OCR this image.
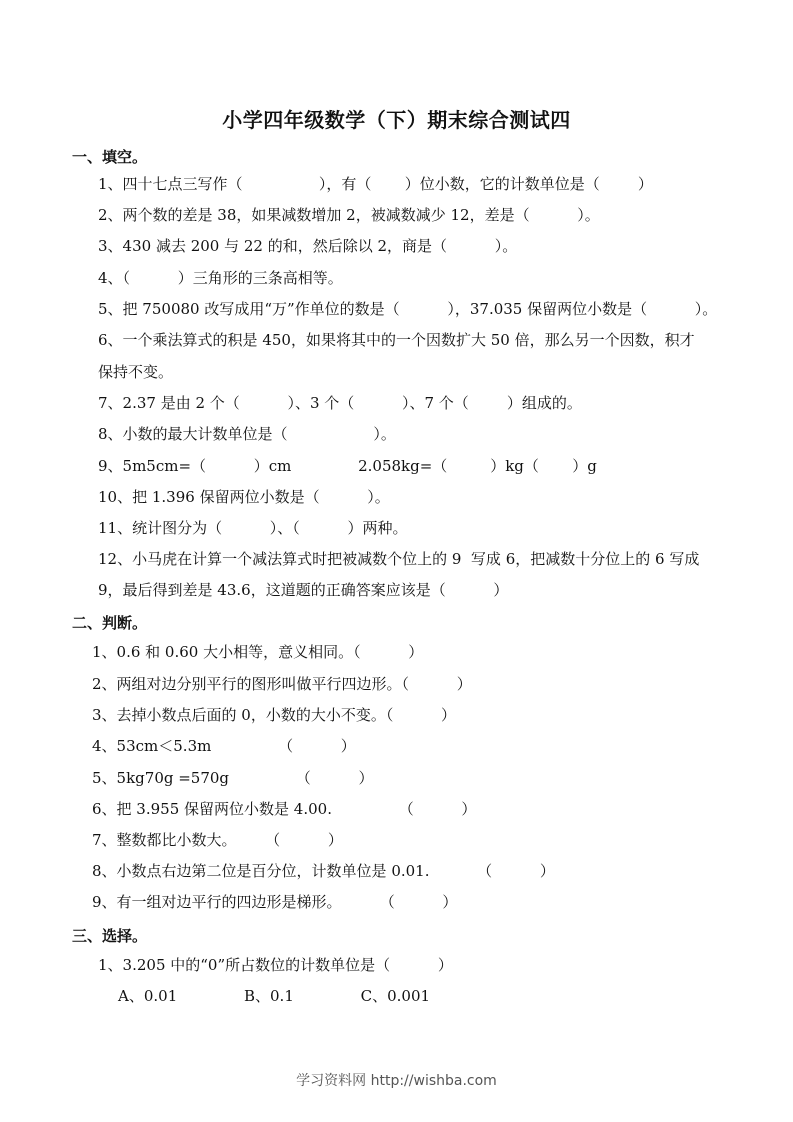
小学四年级数学（下）期末综合测试四
一、填空。
1、四十七点三写作（                ），有（       ）位小数，它的计数单位是（        ）
2、两个数的差是 38，如果减数增加 2，被减数减少 12，差是（          ）。
3、430 减去 200 与 22 的和，然后除以 2，商是（          ）。
4、（          ）三角形的三条高相等。
5、把 750080 改写成用“万”作单位的数是（          ），37.035 保留两位小数是（          ）。
6、一个乘法算式的积是 450，如果将其中的一个因数扩大 50 倍，那么另一个因数，积才
保持不变。
7、2.37 是由 2 个（          ）、3 个（          ）、7 个（        ）组成的。
8、小数的最大计数单位是（                  ）。
9、5m5cm=（          ）cm              2.058kg=（         ）kg（       ）g
10、把 1.396 保留两位小数是（          ）。
11、统计图分为（          ）、（          ）两种。
12、小马虎在计算一个减法算式时把被减数个位上的 9  写成 6，把减数十分位上的 6 写成
9，最后得到差是 43.6，这道题的正确答案应该是（          ）
二、判断。
1、0.6 和 0.60 大小相等，意义相同。（          ）
2、两组对边分别平行的图形叫做平行四边形。（          ）
3、去掉小数点后面的 0，小数的大小不变。（          ）
4、53cm＜5.3m              （          ）
5、5kg70g =570g              （          ）
6、把 3.955 保留两位小数是 4.00.              （          ）
7、整数都比小数大。      （          ）
8、小数点右边第二位是百分位，计数单位是 0.01.          （          ）
9、有一组对边平行的四边形是梯形。        （          ）
三、选择。
1、3.205 中的“0”所占数位的计数单位是（          ）
A、0.01              B、0.1              C、0.001
学习资料网 http://wishba.com
